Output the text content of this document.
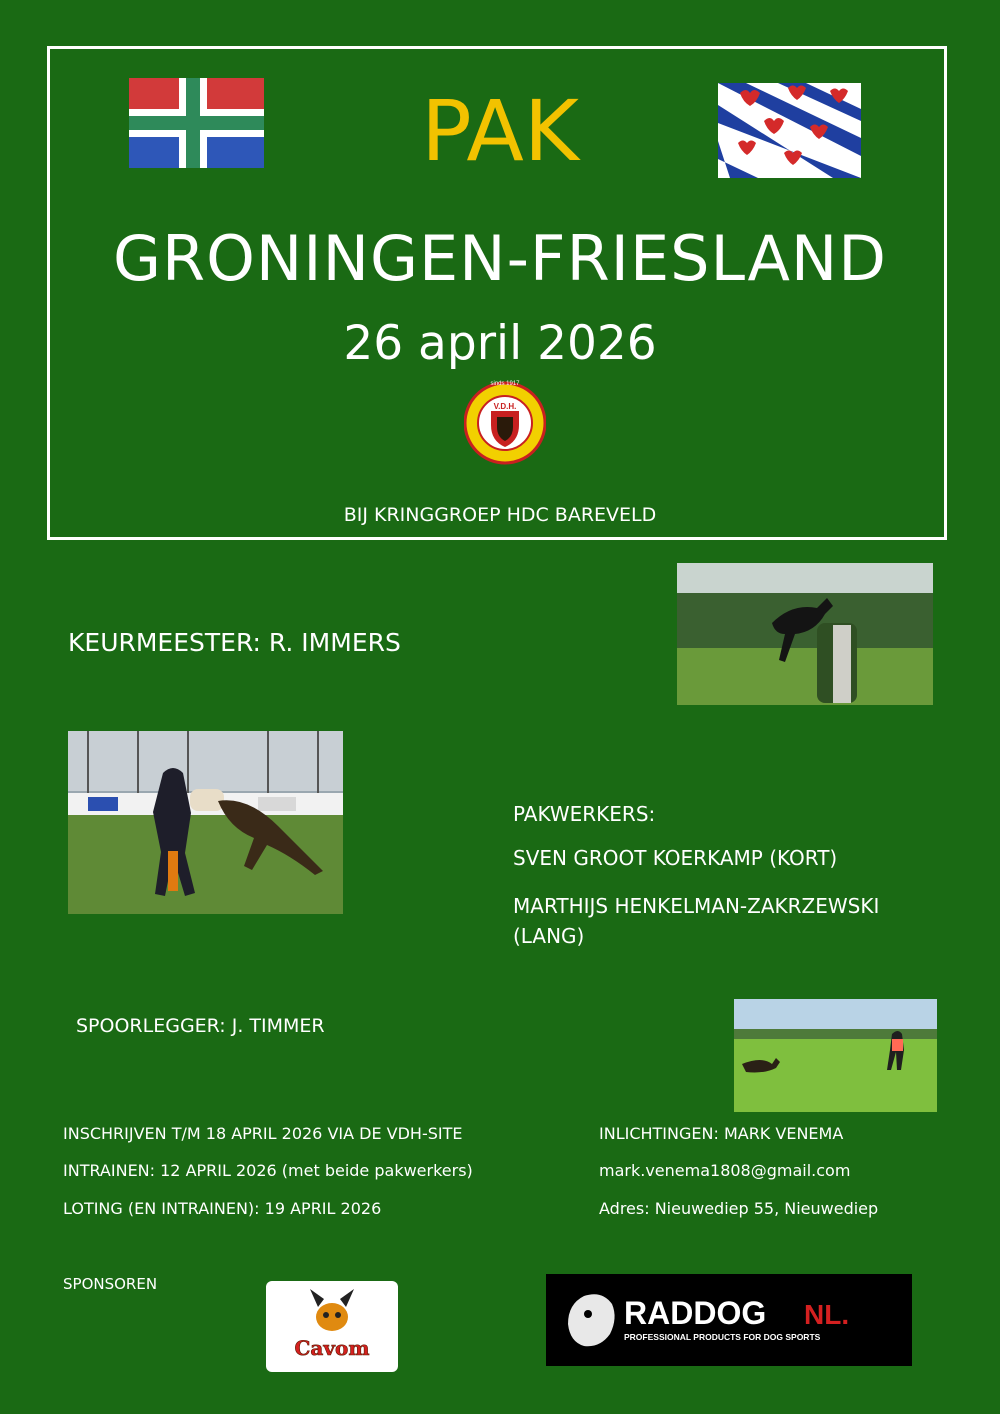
PAK
GRONINGEN-FRIESLAND
26 april 2026
V.D.H.
sinds 1917
BIJ KRINGGROEP HDC BAREVELD
KEURMEESTER: R. IMMERS
PAKWERKERS:
SVEN GROOT KOERKAMP (KORT)
MARTHIJS HENKELMAN-ZAKRZEWSKI (LANG)
SPOORLEGGER: J. TIMMER
INSCHRIJVEN T/M 18 APRIL 2026 VIA DE VDH-SITE
INTRAINEN: 12 APRIL 2026 (met beide pakwerkers)
LOTING (EN INTRAINEN): 19 APRIL 2026
INLICHTINGEN: MARK VENEMA
mark.venema1808@gmail.com
Adres: Nieuwediep 55, Nieuwediep
SPONSOREN
Cavom
RADDOG NL.
PROFESSIONAL PRODUCTS FOR DOG SPORTS
